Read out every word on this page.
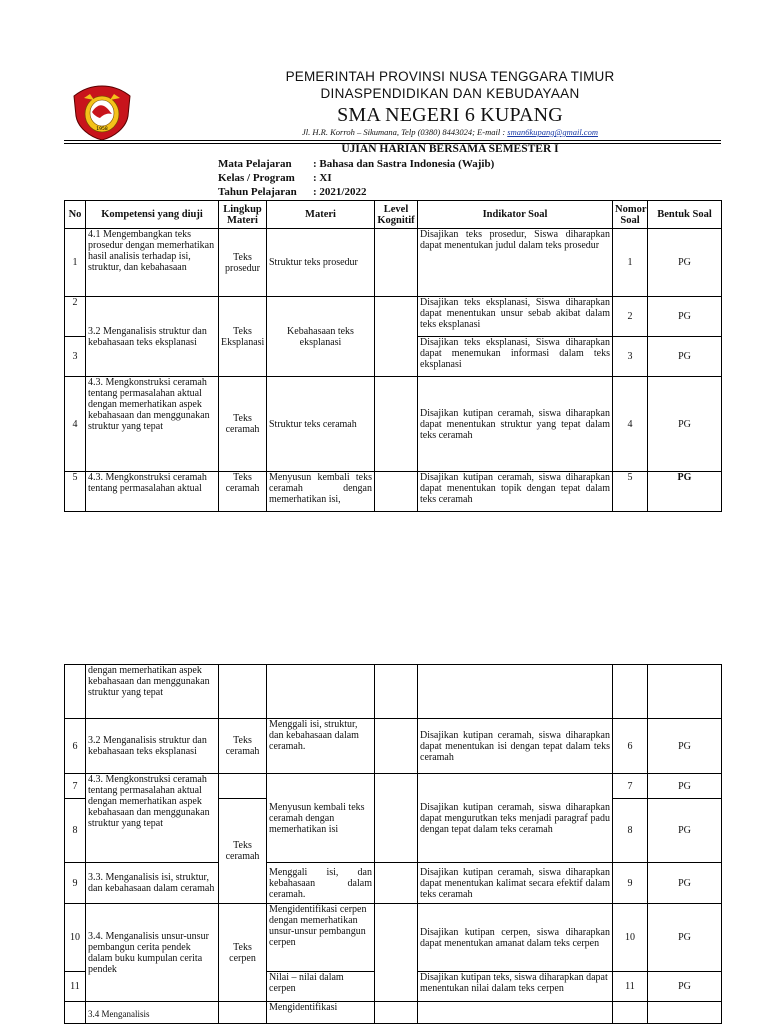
1958
PEMERINTAH PROVINSI NUSA TENGGARA TIMUR
DINASPENDIDIKAN DAN KEBUDAYAAN
SMA NEGERI 6 KUPANG
Jl. H.R. Korroh – Sikumana, Telp (0380) 8443024; E-mail : sman6kupang@gmail.com
UJIAN HARIAN BERSAMA SEMESTER I
Mata Pelajaran : Bahasa dan Sastra Indonesia (Wajib)
Kelas / Program : XI
Tahun Pelajaran : 2021/2022
No	Kompetensi yang diuji	Lingkup Materi	Materi	Level Kognitif	Indikator Soal	Nomor Soal	Bentuk Soal
1	4.1 Mengembangkan teks prosedur dengan memerhatikan hasil analisis terhadap isi, struktur, dan kebahasaan	Teks prosedur	Struktur teks prosedur		Disajikan teks prosedur, Siswa diharapkan dapat menentukan judul dalam teks prosedur	1	PG
2	3.2 Menganalisis struktur dan kebahasaan teks eksplanasi	Teks Eksplanasi	Kebahasaan teks eksplanasi		Disajikan teks eksplanasi, Siswa diharapkan dapat menentukan unsur sebab akibat dalam teks eksplanasi	2	PG
3					Disajikan teks eksplanasi, Siswa diharapkan dapat menemukan informasi dalam teks eksplanasi	3	PG
4	4.3. Mengkonstruksi ceramah tentang permasalahan aktual dengan memerhatikan aspek kebahasaan dan menggunakan struktur yang tepat	Teks ceramah	Struktur teks ceramah		Disajikan kutipan ceramah, siswa diharapkan dapat menentukan struktur yang tepat dalam teks ceramah	4	PG
5	4.3. Mengkonstruksi ceramah tentang permasalahan aktual	Teks ceramah	Menyusun kembali teks ceramah dengan memerhatikan isi,		Disajikan kutipan ceramah, siswa diharapkan dapat menentukan topik dengan tepat dalam teks ceramah	5	PG
	dengan memerhatikan aspek kebahasaan dan menggunakan struktur yang tepat						
6	3.2 Menganalisis struktur dan kebahasaan teks eksplanasi	Teks ceramah	Menggali isi, struktur, dan kebahasaan dalam ceramah.		Disajikan kutipan ceramah, siswa diharapkan dapat menentukan isi dengan tepat dalam teks ceramah	6	PG
7	4.3. Mengkonstruksi ceramah tentang permasalahan aktual dengan memerhatikan aspek kebahasaan dan menggunakan struktur yang tepat		Menyusun kembali teks ceramah dengan memerhatikan isi		Disajikan kutipan ceramah, siswa diharapkan dapat mengurutkan teks menjadi paragraf padu dengan tepat dalam teks ceramah	7	PG
8		Teks ceramah				8	PG
9	3.3. Menganalisis isi, struktur, dan kebahasaan dalam ceramah		Menggali isi, dan kebahasaan dalam ceramah.		Disajikan kutipan ceramah, siswa diharapkan dapat menentukan kalimat secara efektif dalam teks ceramah	9	PG
10	3.4. Menganalisis unsur-unsur pembangun cerita pendek dalam buku kumpulan cerita pendek	Teks cerpen	Mengidentifikasi cerpen dengan memerhatikan unsur-unsur pembangun cerpen		Disajikan kutipan cerpen, siswa diharapkan dapat menentukan amanat dalam teks cerpen	10	PG
11			Nilai – nilai dalam cerpen		Disajikan kutipan teks, siswa diharapkan dapat menentukan nilai dalam teks cerpen	11	PG
	3.4 Menganalisis		Mengidentifikasi				
